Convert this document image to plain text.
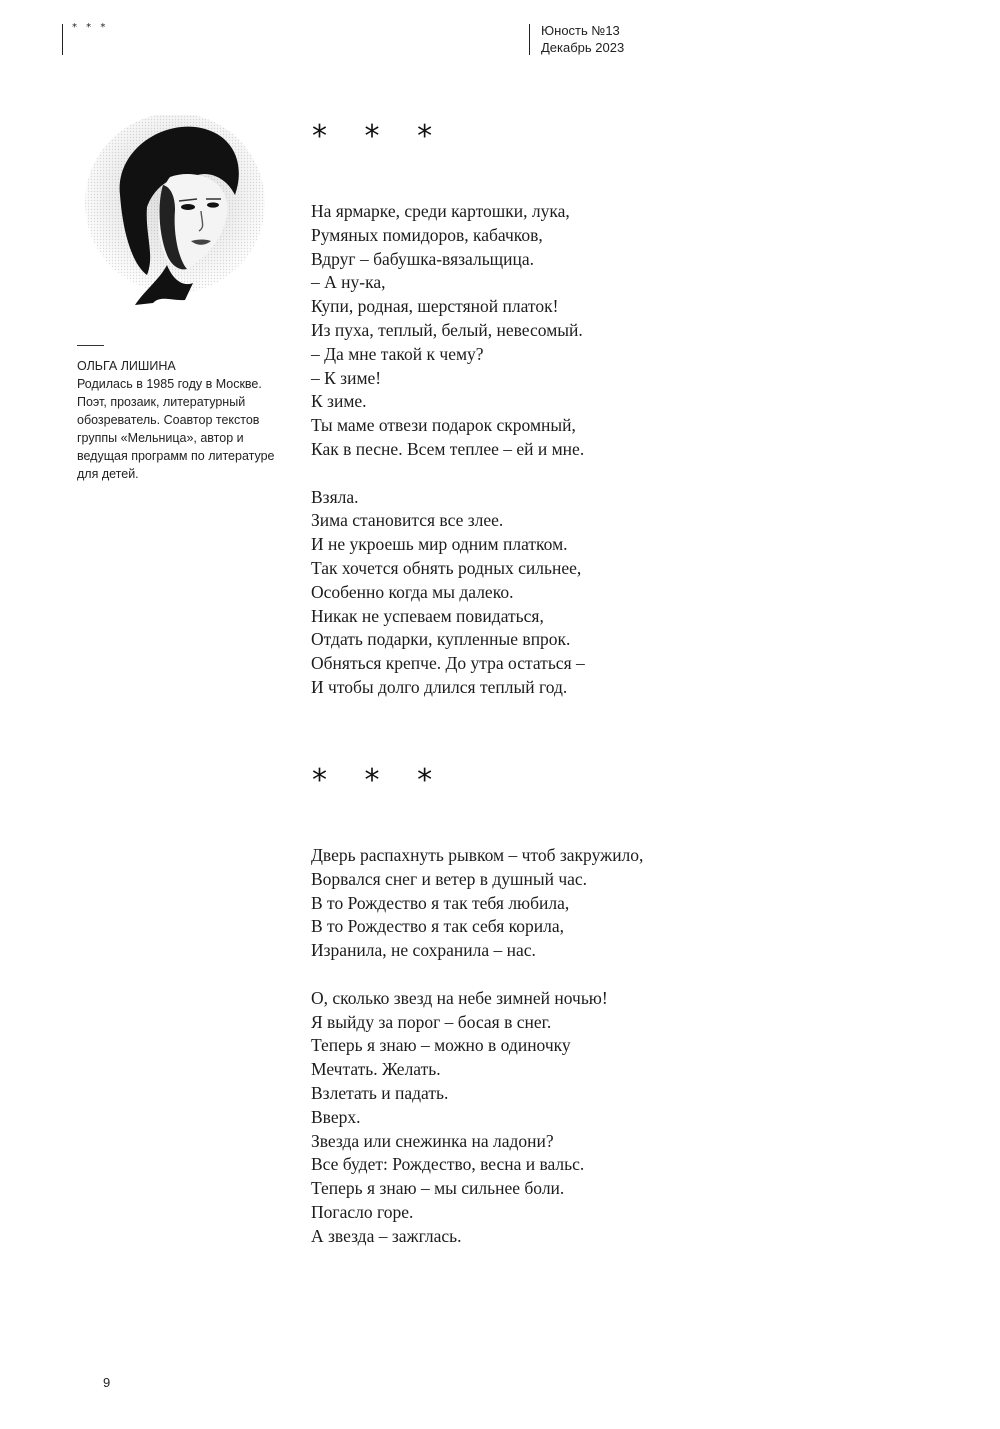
* * *	Юность №13
Декабрь 2023
ОЛЬГА ЛИШИНА
Родилась в 1985 году в Москве. Поэт, прозаик, литературный обозреватель. Соавтор текстов группы «Мельница», автор и ведущая программ по литературе для детей.
* * *
На ярмарке, среди картошки, лука,
Румяных помидоров, кабачков,
Вдруг – бабушка-вязальщица.
– А ну-ка,
Купи, родная, шерстяной платок!
Из пуха, теплый, белый, невесомый.
– Да мне такой к чему?
– К зиме!
К зиме.
Ты маме отвези подарок скромный,
Как в песне. Всем теплее – ей и мне.
Взяла.
Зима становится все злее.
И не укроешь мир одним платком.
Так хочется обнять родных сильнее,
Особенно когда мы далеко.
Никак не успеваем повидаться,
Отдать подарки, купленные впрок.
Обняться крепче. До утра остаться –
И чтобы долго длился теплый год.
* * *
Дверь распахнуть рывком – чтоб закружило,
Ворвался снег и ветер в душный час.
В то Рождество я так тебя любила,
В то Рождество я так себя корила,
Изранила, не сохранила – нас.
О, сколько звезд на небе зимней ночью!
Я выйду за порог – босая в снег.
Теперь я знаю – можно в одиночку
Мечтать. Желать.
Взлетать и падать.
Вверх.
Звезда или снежинка на ладони?
Все будет: Рождество, весна и вальс.
Теперь я знаю – мы сильнее боли.
Погасло горе.
А звезда – зажглась.
9
